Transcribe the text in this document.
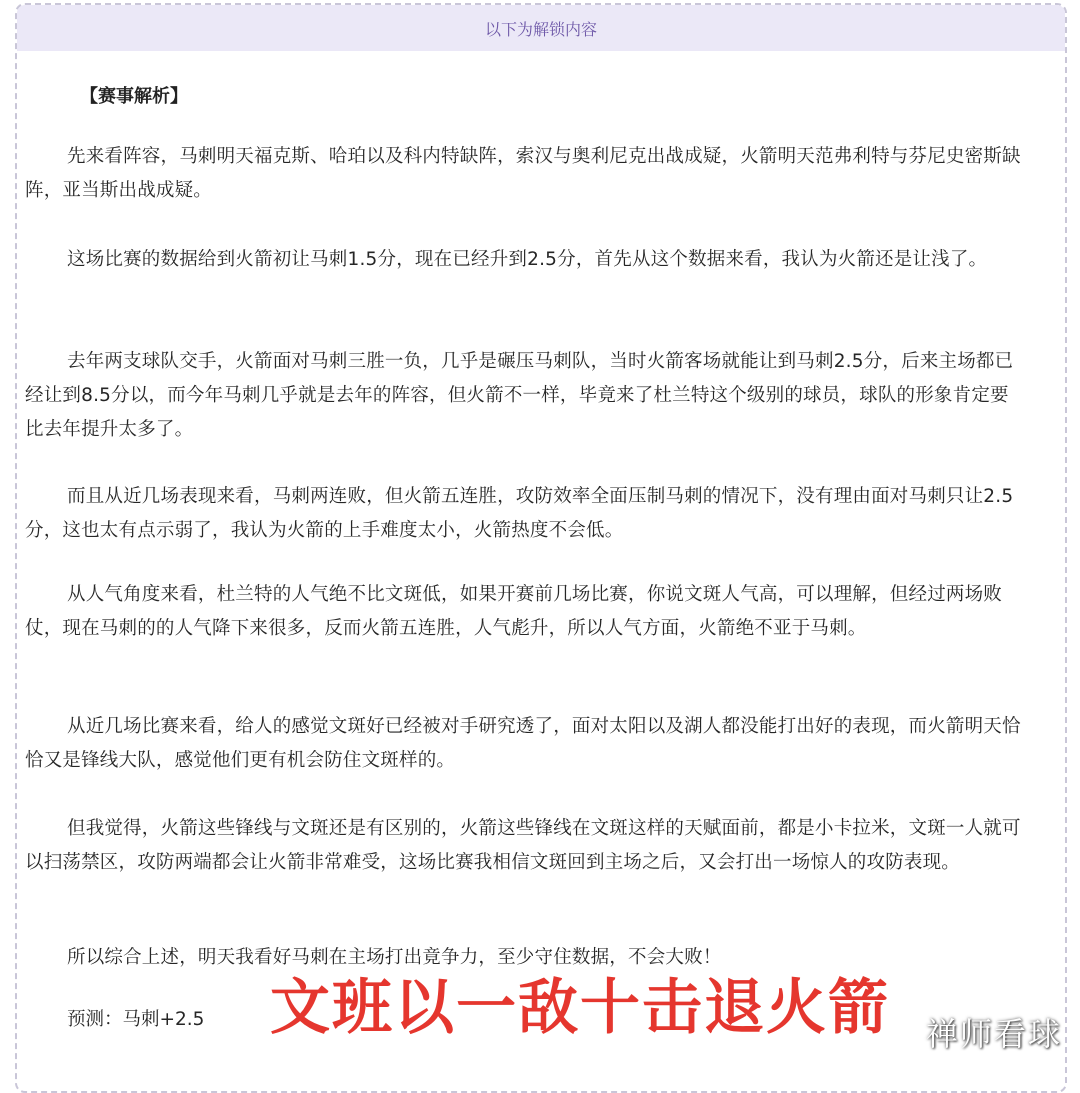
以下为解锁内容

【赛事解析】

先来看阵容，马刺明天福克斯、哈珀以及科内特缺阵，索汉与奥利尼克出战成疑，火箭明天范弗利特与芬尼史密斯缺阵，亚当斯出战成疑。

这场比赛的数据给到火箭初让马刺1.5分，现在已经升到2.5分，首先从这个数据来看，我认为火箭还是让浅了。

去年两支球队交手，火箭面对马刺三胜一负，几乎是碾压马刺队，当时火箭客场就能让到马刺2.5分，后来主场都已经让到8.5分以，而今年马刺几乎就是去年的阵容，但火箭不一样，毕竟来了杜兰特这个级别的球员，球队的形象肯定要比去年提升太多了。

而且从近几场表现来看，马刺两连败，但火箭五连胜，攻防效率全面压制马刺的情况下，没有理由面对马刺只让2.5分，这也太有点示弱了，我认为火箭的上手难度太小，火箭热度不会低。

从人气角度来看，杜兰特的人气绝不比文斑低，如果开赛前几场比赛，你说文斑人气高，可以理解，但经过两场败仗，现在马刺的的人气降下来很多，反而火箭五连胜，人气彪升，所以人气方面，火箭绝不亚于马刺。

从近几场比赛来看，给人的感觉文斑好已经被对手研究透了，面对太阳以及湖人都没能打出好的表现，而火箭明天恰恰又是锋线大队，感觉他们更有机会防住文斑样的。

但我觉得，火箭这些锋线与文斑还是有区别的，火箭这些锋线在文斑这样的天赋面前，都是小卡拉米，文斑一人就可以扫荡禁区，攻防两端都会让火箭非常难受，这场比赛我相信文斑回到主场之后，又会打出一场惊人的攻防表现。

所以综合上述，明天我看好马刺在主场打出竟争力，至少守住数据，不会大败！

预测：马刺+2.5 文班以一敌十击退火箭 禅师看球
